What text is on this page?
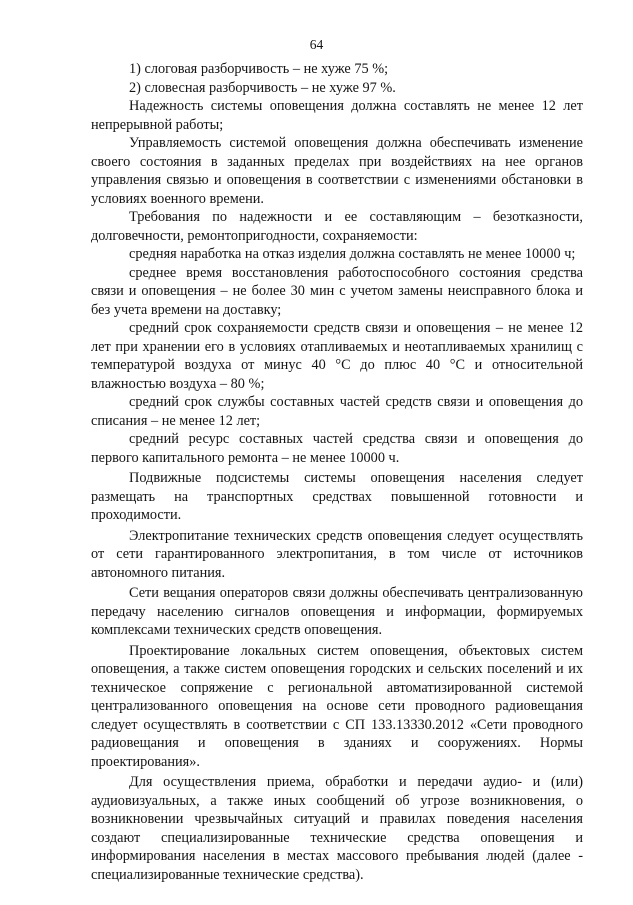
64

1) слоговая разборчивость – не хуже 75 %;

2) словесная разборчивость – не хуже 97 %.

Надежность системы оповещения должна составлять не менее 12 лет непрерывной работы;

Управляемость системой оповещения должна обеспечивать изменение своего состояния в заданных пределах при воздействиях на нее органов управления связью и оповещения в соответствии с изменениями обстановки в условиях военного времени.

Требования по надежности и ее составляющим – безотказности, долговечности, ремонтопригодности, сохраняемости:

средняя наработка на отказ изделия должна составлять не менее 10000 ч;

среднее время восстановления работоспособного состояния средства связи и оповещения – не более 30 мин с учетом замены неисправного блока и без учета времени на доставку;

средний срок сохраняемости средств связи и оповещения – не менее 12 лет при хранении его в условиях отапливаемых и неотапливаемых хранилищ с температурой воздуха от минус 40 °С до плюс 40 °С и относительной влажностью воздуха – 80 %;

средний срок службы составных частей средств связи и оповещения до списания – не менее 12 лет;

средний ресурс составных частей средства связи и оповещения до первого капитального ремонта – не менее 10000 ч.

Подвижные подсистемы системы оповещения населения следует размещать на транспортных средствах повышенной готовности и проходимости.

Электропитание технических средств оповещения следует осуществлять от сети гарантированного электропитания, в том числе от источников автономного питания.

Сети вещания операторов связи должны обеспечивать централизованную передачу населению сигналов оповещения и информации, формируемых комплексами технических средств оповещения.

Проектирование локальных систем оповещения, объектовых систем оповещения, а также систем оповещения городских и сельских поселений и их техническое сопряжение с региональной автоматизированной системой централизованного оповещения на основе сети проводного радиовещания следует осуществлять в соответствии с СП 133.13330.2012 «Сети проводного радиовещания и оповещения в зданиях и сооружениях. Нормы проектирования».

Для осуществления приема, обработки и передачи аудио- и (или) аудиовизуальных, а также иных сообщений об угрозе возникновения, о возникновении чрезвычайных ситуаций и правилах поведения населения создают специализированные технические средства оповещения и информирования населения в местах массового пребывания людей (далее - специализированные технические средства).
